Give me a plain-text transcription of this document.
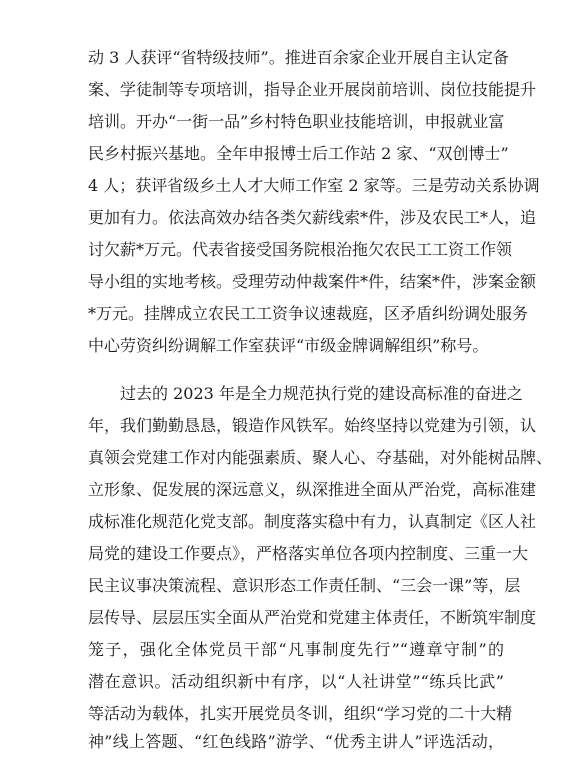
动 3 人获评“省特级技师”。推进百余家企业开展自主认定备
案、学徒制等专项培训，指导企业开展岗前培训、岗位技能提升
培训。开办“一街一品”乡村特色职业技能培训，申报就业富
民乡村振兴基地。全年申报博士后工作站 2 家、“双创博士”
4 人；获评省级乡土人才大师工作室 2 家等。三是劳动关系协调
更加有力。依法高效办结各类欠薪线索*件，涉及农民工*人，追
讨欠薪*万元。代表省接受国务院根治拖欠农民工工资工作领
导小组的实地考核。受理劳动仲裁案件*件，结案*件，涉案金额
*万元。挂牌成立农民工工资争议速裁庭，区矛盾纠纷调处服务
中心劳资纠纷调解工作室获评“市级金牌调解组织”称号。
过去的 2023 年是全力规范执行党的建设高标准的奋进之
年，我们勤勤恳恳，锻造作风铁军。始终坚持以党建为引领，认
真领会党建工作对内能强素质、聚人心、夺基础，对外能树品牌、
立形象、促发展的深远意义，纵深推进全面从严治党，高标准建
成标准化规范化党支部。制度落实稳中有力，认真制定《区人社
局党的建设工作要点》，严格落实单位各项内控制度、三重一大
民主议事决策流程、意识形态工作责任制、“三会一课”等，层
层传导、层层压实全面从严治党和党建主体责任，不断筑牢制度
笼子，强化全体党员干部“凡事制度先行”“遵章守制”的
潜在意识。活动组织新中有序，以“人社讲堂”“练兵比武”
等活动为载体，扎实开展党员冬训，组织“学习党的二十大精
神”线上答题、“红色线路”游学、“优秀主讲人”评选活动，
